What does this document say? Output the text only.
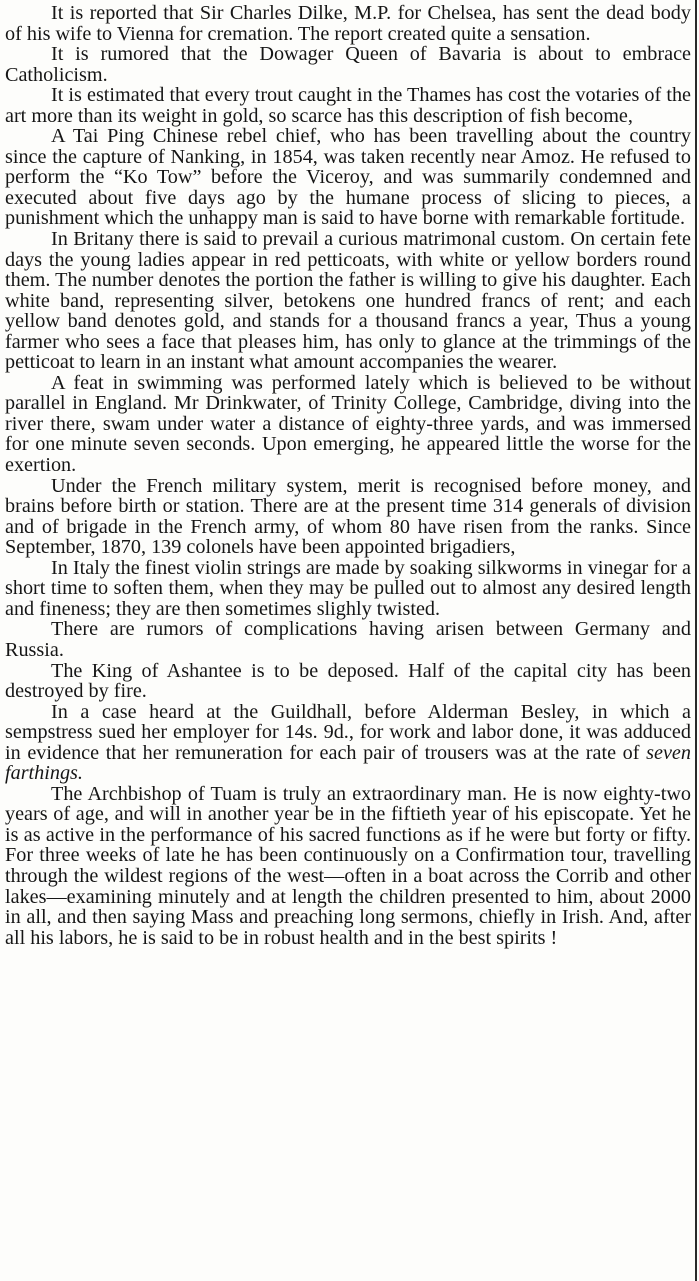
It is reported that Sir Charles Dilke, M.P. for Chelsea, has sent the dead body of his wife to Vienna for cremation. The report created quite a sensation.

It is rumored that the Dowager Queen of Bavaria is about to embrace Catholicism.

It is estimated that every trout caught in the Thames has cost the votaries of the art more than its weight in gold, so scarce has this description of fish become,

A Tai Ping Chinese rebel chief, who has been travelling about the country since the capture of Nanking, in 1854, was taken recently near Amoz. He refused to perform the “Ko Tow” before the Viceroy, and was summarily condemned and executed about five days ago by the humane process of slicing to pieces, a punishment which the unhappy man is said to have borne with remarkable fortitude.

In Britany there is said to prevail a curious matrimonal custom. On certain fete days the young ladies appear in red petticoats, with white or yellow borders round them. The number denotes the portion the father is willing to give his daughter. Each white band, representing silver, betokens one hundred francs of rent; and each yellow band denotes gold, and stands for a thousand francs a year, Thus a young farmer who sees a face that pleases him, has only to glance at the trimmings of the petticoat to learn in an instant what amount accompanies the wearer.

A feat in swimming was performed lately which is believed to be without parallel in England. Mr Drinkwater, of Trinity College, Cambridge, diving into the river there, swam under water a distance of eighty-three yards, and was immersed for one minute seven seconds. Upon emerging, he appeared little the worse for the exertion.

Under the French military system, merit is recognised before money, and brains before birth or station. There are at the present time 314 generals of division and of brigade in the French army, of whom 80 have risen from the ranks. Since September, 1870, 139 colonels have been appointed brigadiers,

In Italy the finest violin strings are made by soaking silkworms in vinegar for a short time to soften them, when they may be pulled out to almost any desired length and fineness; they are then sometimes slighly twisted.

There are rumors of complications having arisen between Germany and Russia.

The King of Ashantee is to be deposed. Half of the capital city has been destroyed by fire.

In a case heard at the Guildhall, before Alderman Besley, in which a sempstress sued her employer for 14s. 9d., for work and labor done, it was adduced in evidence that her remuneration for each pair of trousers was at the rate of seven farthings.

The Archbishop of Tuam is truly an extraordinary man. He is now eighty-two years of age, and will in another year be in the fiftieth year of his episcopate. Yet he is as active in the performance of his sacred functions as if he were but forty or fifty. For three weeks of late he has been continuously on a Confirmation tour, travelling through the wildest regions of the west—often in a boat across the Corrib and other lakes—examining minutely and at length the children presented to him, about 2000 in all, and then saying Mass and preaching long sermons, chiefly in Irish. And, after all his labors, he is said to be in robust health and in the best spirits !
